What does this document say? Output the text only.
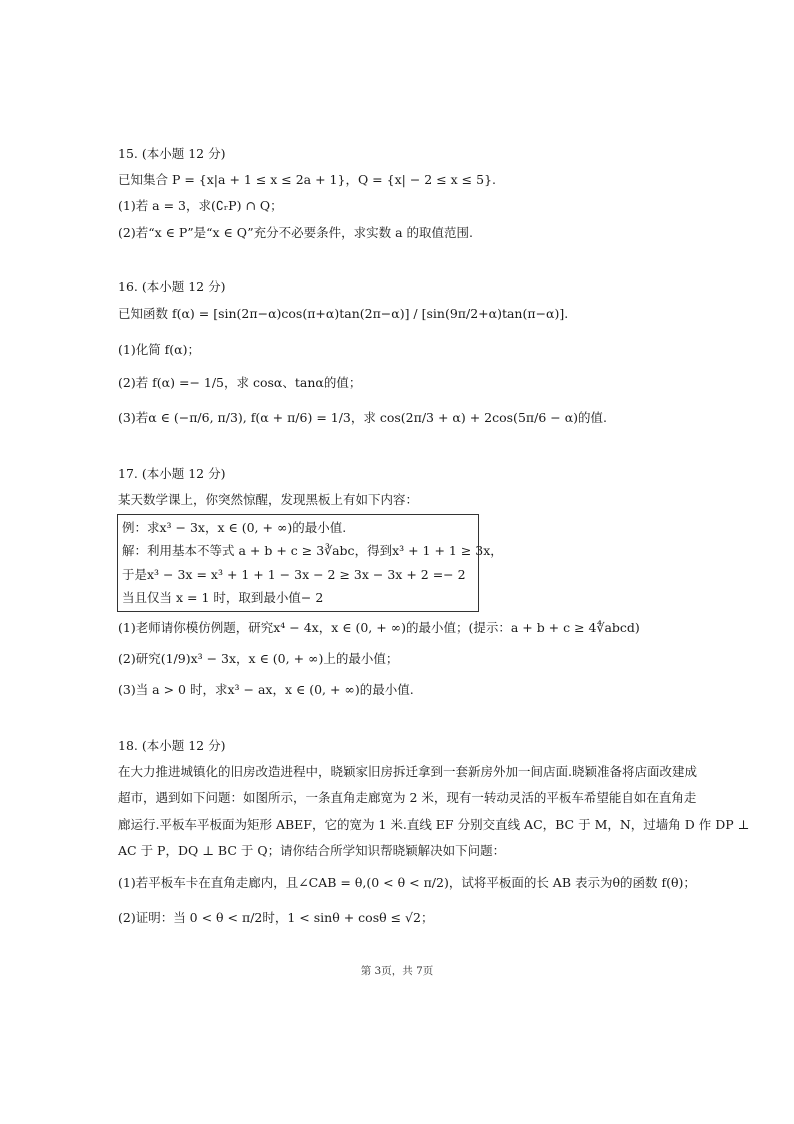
15. (本小题 12 分)
已知集合 P = {x|a + 1 ≤ x ≤ 2a + 1}，Q = {x| − 2 ≤ x ≤ 5}.
(1)若 a = 3，求(∁ᵣP) ∩ Q；
(2)若“x ∈ P”是“x ∈ Q”充分不必要条件，求实数 a 的取值范围.
16. (本小题 12 分)
已知函数 f(α) = [sin(2π−α)cos(π+α)tan(2π−α)] / [sin(9π/2+α)tan(π−α)].
(1)化简 f(α)；
(2)若 f(α) =− 1/5，求 cosα、tanα的值；
(3)若α ∈ (−π/6, π/3), f(α + π/6) = 1/3，求 cos(2π/3 + α) + 2cos(5π/6 − α)的值.
17. (本小题 12 分)
某天数学课上，你突然惊醒，发现黑板上有如下内容：
例：求x³ − 3x，x ∈ (0, + ∞)的最小值.
解：利用基本不等式 a + b + c ≥ 3∛abc，得到x³ + 1 + 1 ≥ 3x，
于是x³ − 3x = x³ + 1 + 1 − 3x − 2 ≥ 3x − 3x + 2 =− 2
当且仅当 x = 1 时，取到最小值− 2
(1)老师请你模仿例题，研究x⁴ − 4x，x ∈ (0, + ∞)的最小值；(提示：a + b + c ≥ 4∜abcd)
(2)研究(1/9)x³ − 3x，x ∈ (0, + ∞)上的最小值；
(3)当 a > 0 时，求x³ − ax，x ∈ (0, + ∞)的最小值.
18. (本小题 12 分)
在大力推进城镇化的旧房改造进程中，晓颖家旧房拆迁拿到一套新房外加一间店面.晓颖准备将店面改建成
超市，遇到如下问题：如图所示，一条直角走廊宽为 2 米，现有一转动灵活的平板车希望能自如在直角走
廊运行.平板车平板面为矩形 ABEF，它的宽为 1 米.直线 EF 分别交直线 AC，BC 于 M，N，过墙角 D 作 DP ⊥
AC 于 P，DQ ⊥ BC 于 Q；请你结合所学知识帮晓颖解决如下问题：
(1)若平板车卡在直角走廊内，且∠CAB = θ,(0 < θ < π/2)，试将平板面的长 AB 表示为θ的函数 f(θ)；
(2)证明：当 0 < θ < π/2时，1 < sinθ + cosθ ≤ √2；
第 3页，共 7页
